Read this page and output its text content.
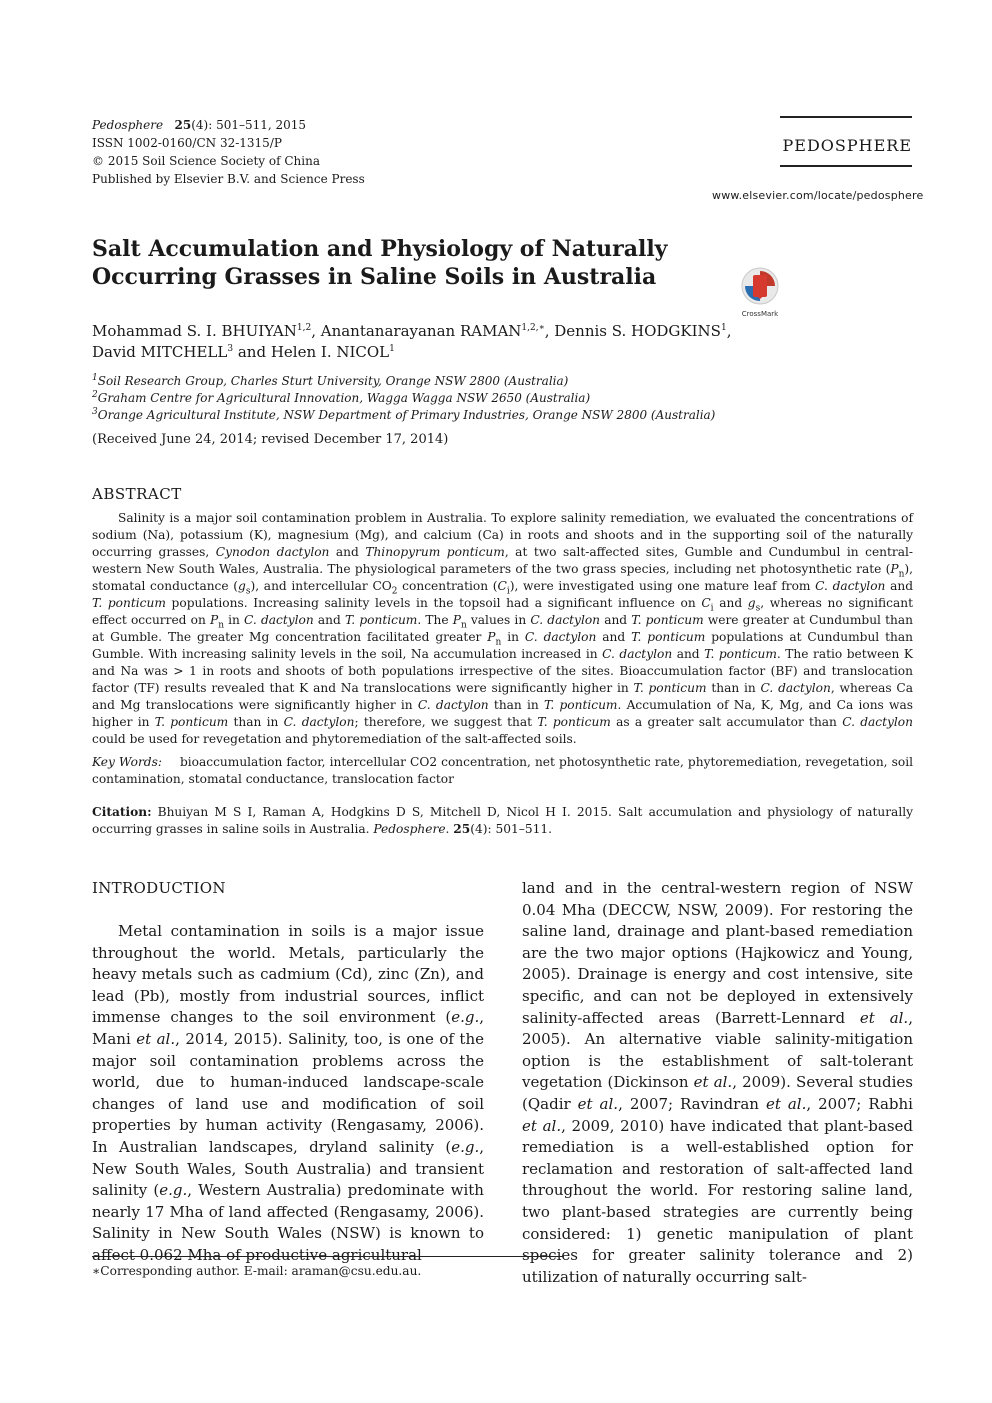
Pedosphere 25(4): 501–511, 2015
ISSN 1002-0160/CN 32-1315/P
© 2015 Soil Science Society of China
Published by Elsevier B.V. and Science Press
PEDOSPHERE
www.elsevier.com/locate/pedosphere
Salt Accumulation and Physiology of Naturally Occurring Grasses in Saline Soils in Australia
CrossMark
Mohammad S. I. BHUIYAN$^{1,2}$, Anantanarayanan $RAMAN^{1,2,∗}$, Dennis S. HODGKINS$^1$,
David MITCHELL$^3$ and Helen I. NICOL$^1$
$^1$Soil Research Group, Charles Sturt University, Orange NSW 2800 (Australia)
$^2$Graham Centre for Agricultural Innovation, Wagga Wagga NSW 2650 (Australia)
$^3$Orange Agricultural Institute, NSW Department of Primary Industries, Orange NSW 2800 (Australia)
(Received June 24, 2014; revised December 17, 2014)
ABSTRACT
Salinity is a major soil contamination problem in Australia. To explore salinity remediation, we evaluated the concentrations of sodium (Na), potassium (K), magnesium (Mg), and calcium (Ca) in roots and shoots and in the supporting soil of the naturally occurring grasses, Cynodon dactylon and Thinopyrum ponticum, at two salt-affected sites, Gumble and Cundumbul in central-western New South Wales, Australia. The physiological parameters of the two grass species, including net photosynthetic rate $(P_n)$, stomatal conductance $(g_s)$, and intercellular $CO_2$ concentration $(C_i)$, were investigated using one mature leaf from C. dactylon and T. ponticum populations. Increasing salinity levels in the topsoil had a significant influence on $C_i$ and $g_s$, whereas no significant effect occurred on $P_n$ in C. dactylon and T. ponticum. The $P_n$ values in C. dactylon and T. ponticum were greater at Cundumbul than at Gumble. The greater Mg concentration facilitated greater $P_n$ in C. dactylon and T. ponticum populations at Cundumbul than Gumble. With increasing salinity levels in the soil, Na accumulation increased in C. dactylon and T. ponticum. The ratio between K and Na was > 1 in roots and shoots of both populations irrespective of the sites. Bioaccumulation factor (BF) and translocation factor (TF) results revealed that K and Na translocations were significantly higher in T. ponticum than in C. dactylon, whereas Ca and Mg translocations were significantly higher in C. dactylon than in T. ponticum. Accumulation of Na, K, Mg, and Ca ions was higher in T. ponticum than in C. dactylon; therefore, we suggest that T. ponticum as a greater salt accumulator than C. dactylon could be used for revegetation and phytoremediation of the salt-affected soils.
Key Words: bioaccumulation factor, intercellular CO2 concentration, net photosynthetic rate, phytoremediation, revegetation, soil contamination, stomatal conductance, translocation factor
Citation: Bhuiyan M S I, Raman A, Hodgkins D S, Mitchell D, Nicol H I. 2015. Salt accumulation and physiology of naturally occurring grasses in saline soils in Australia. Pedosphere. 25(4): 501–511.
INTRODUCTION
Metal contamination in soils is a major issue throughout the world. Metals, particularly the heavy metals such as cadmium (Cd), zinc (Zn), and lead (Pb), mostly from industrial sources, inflict immense changes to the soil environment (e.g., Mani et al., 2014, 2015). Salinity, too, is one of the major soil contamination problems across the world, due to human-induced landscape-scale changes of land use and modification of soil properties by human activity (Rengasamy, 2006). In Australian landscapes, dryland salinity (e.g., New South Wales, South Australia) and transient salinity (e.g., Western Australia) predominate with nearly 17 Mha of land affected (Rengasamy, 2006). Salinity in New South Wales (NSW) is known to affect 0.062 Mha of productive agricultural
land and in the central-western region of NSW 0.04 Mha (DECCW, NSW, 2009). For restoring the saline land, drainage and plant-based remediation are the two major options (Hajkowicz and Young, 2005). Drainage is energy and cost intensive, site specific, and can not be deployed in extensively salinity-affected areas (Barrett-Lennard et al., 2005). An alternative viable salinity-mitigation option is the establishment of salt-tolerant vegetation (Dickinson et al., 2009). Several studies (Qadir et al., 2007; Ravindran et al., 2007; Rabhi et al., 2009, 2010) have indicated that plant-based remediation is a well-established option for reclamation and restoration of salt-affected land throughout the world. For restoring saline land, two plant-based strategies are currently being considered: 1) genetic manipulation of plant species for greater salinity tolerance and 2) utilization of naturally occurring salt-
∗Corresponding author. E-mail: araman@csu.edu.au.
